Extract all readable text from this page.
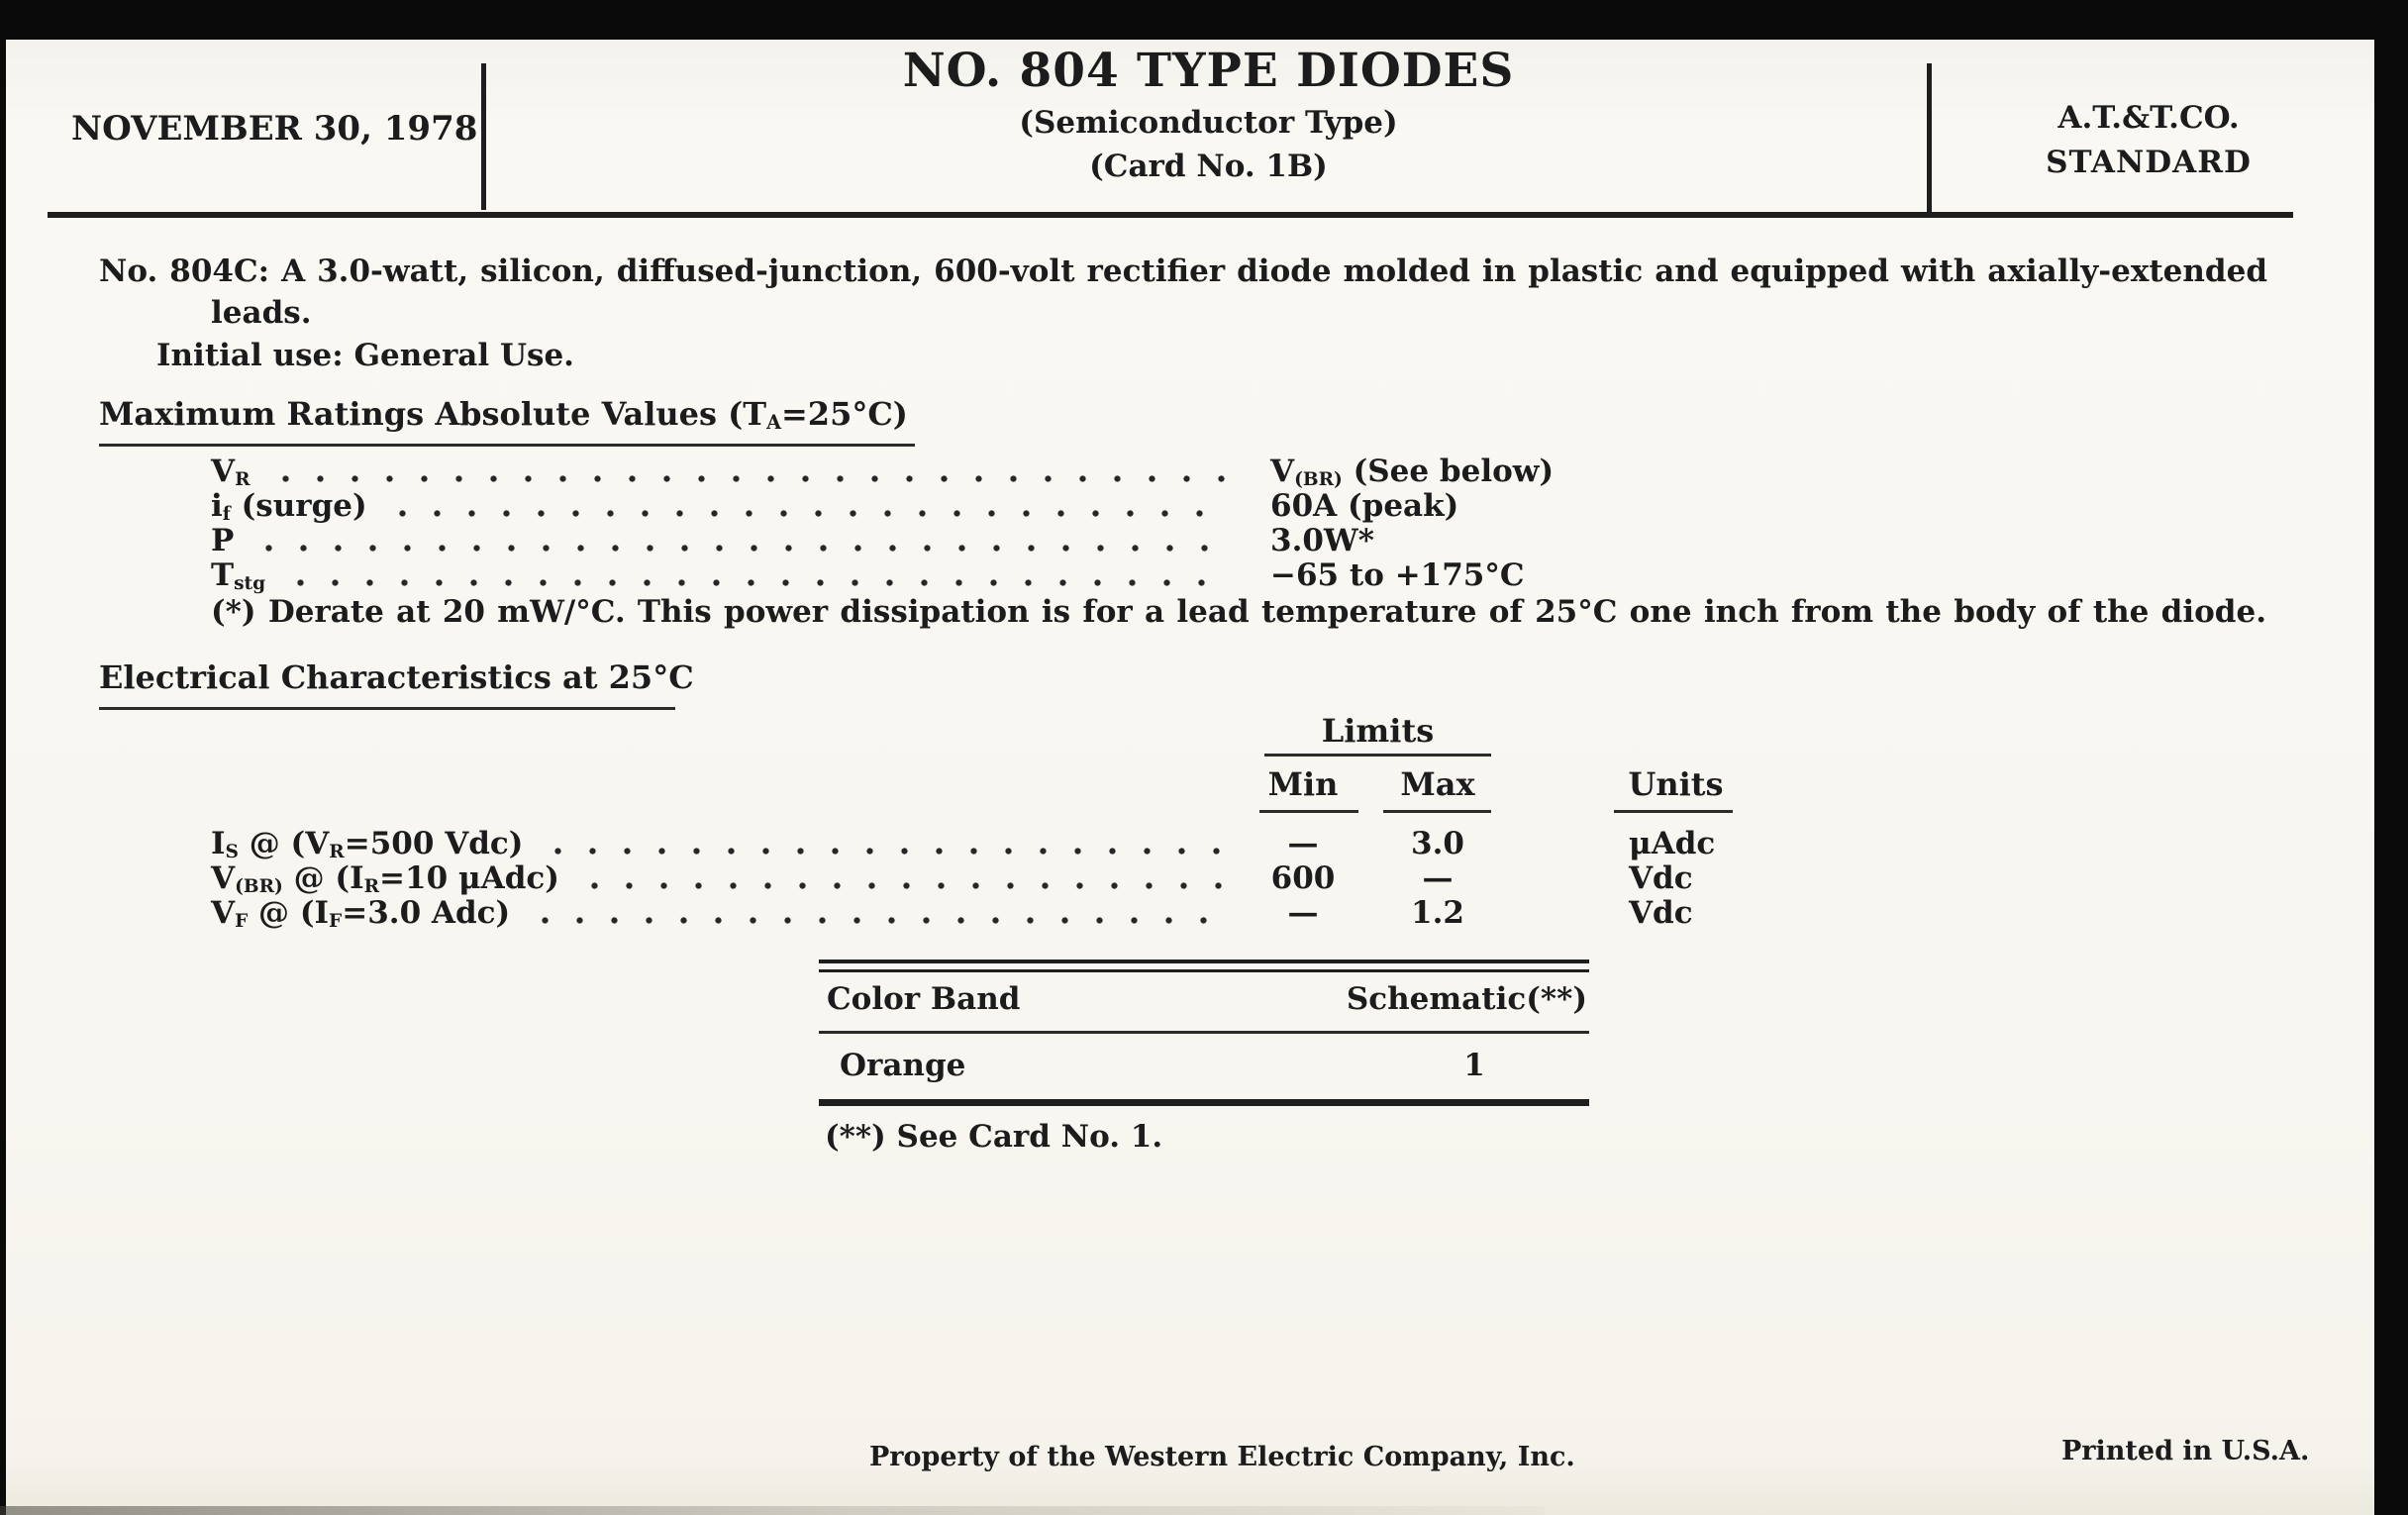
NOVEMBER 30, 1978
NO. 804 TYPE DIODES
(Semiconductor Type)
(Card No. 1B)
A.T.&T.CO.
STANDARD
No. 804C: A 3.0-watt, silicon, diffused-junction, 600-volt rectifier diode molded in plastic and equipped with axially-extended
leads.
Initial use: General Use.
Maximum Ratings Absolute Values $(T_A=25^\circ C)$
$V_R$	$V_{(BR)}$ (See below)
$i_f$ (surge)	60A (peak)
P	3.0W*
$T_{stg}$	−65 to +175°C
(*) Derate at 20 mW/°C. This power dissipation is for a lead temperature of 25°C one inch from the body of the diode.
Electrical Characteristics at 25°C
Limits
Min	Max	Units
$I_S$ @ ($V_R=500$ Vdc)	—	3.0	μAdc
$V_{(BR)}$ @ ($I_R=10$ μAdc)	600	—	Vdc
$V_F$ @ ($I_F=3.0$ Adc)	—	1.2	Vdc
Color Band	Schematic(**)
Orange	1
(**) See Card No. 1.
Property of the Western Electric Company, Inc.	Printed in U.S.A.
